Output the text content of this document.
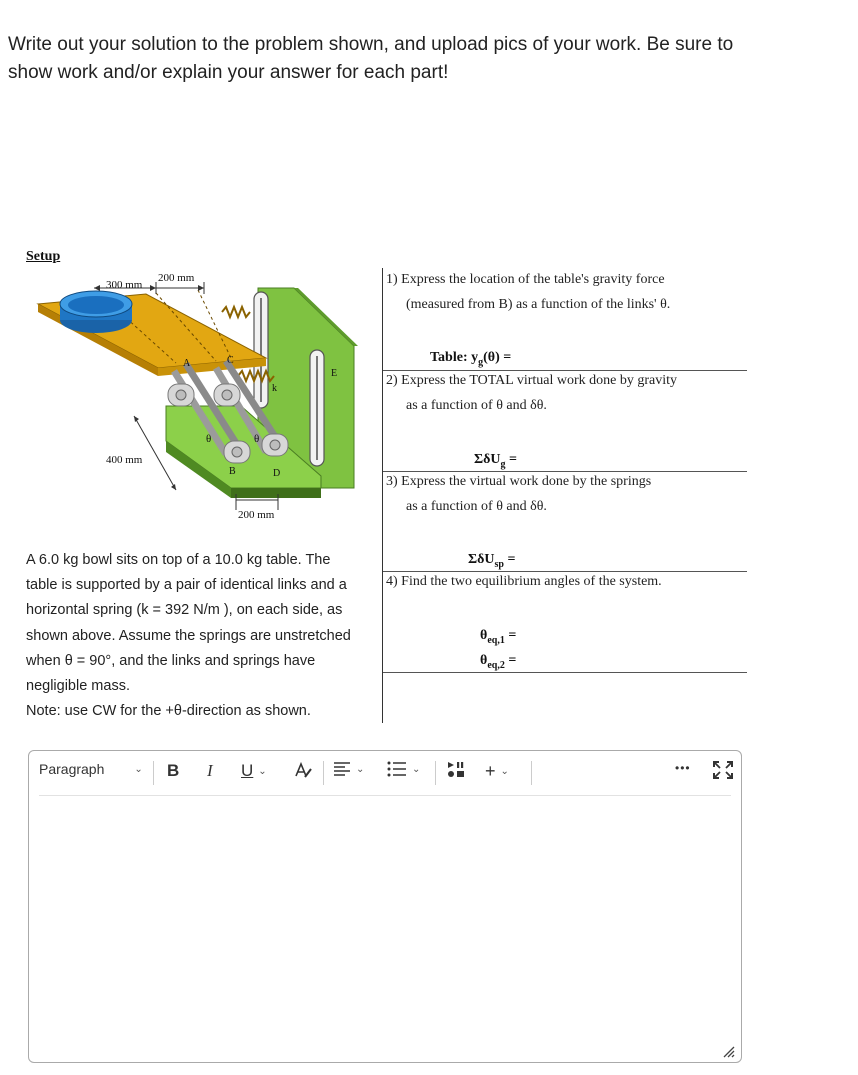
Write out your solution to the problem shown, and upload pics of your work. Be sure to show work and/or explain your answer for each part!
Setup
300 mm
200 mm
400 mm
200 mm
A	C
B	D
E
k
θ	θ

A 6.0 kg bowl sits on top of a 10.0 kg table. The

table is supported by a pair of identical links and a

horizontal spring (k = 392 N/m ), on each side, as

shown above. Assume the springs are unstretched

when θ = 90°, and the links and springs have

negligible mass.

Note: use CW for the +θ-direction as shown.

1) Express the location of the table's gravity force
(measured from B) as a function of the links' θ.
Table: $y_g(\theta)$ =
2) Express the TOTAL virtual work done by gravity
as a function of θ and δθ.
ΣδU$_g$ =
3) Express the virtual work done by the springs
as a function of θ and δθ.
ΣδU$_{sp}$ =
4) Find the two equilibrium angles of the system.
$\theta_{eq,1}$ =
$\theta_{eq,2}$ =
Paragraph	⌄ B I U ⌄	⌄	⌄	+ ⌄	•••
